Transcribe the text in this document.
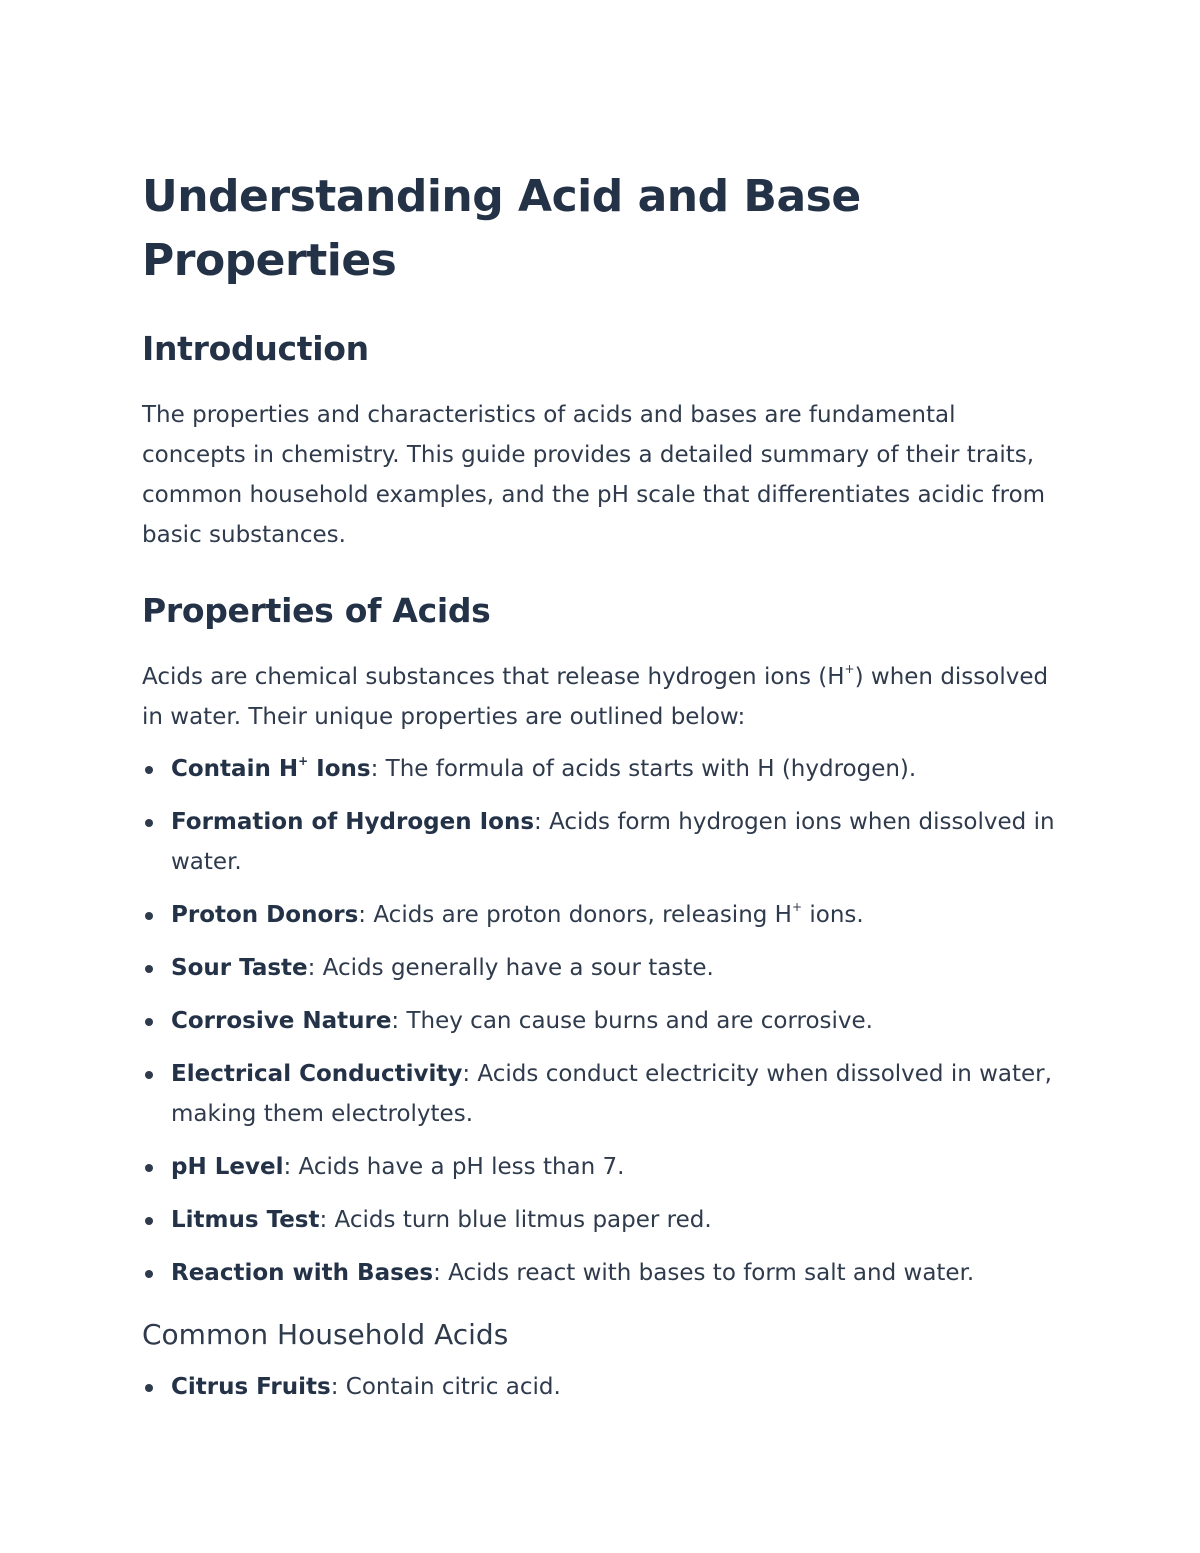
Understanding Acid and Base Properties
Introduction

The properties and characteristics of acids and bases are fundamental concepts in chemistry. This guide provides a detailed summary of their traits, common household examples, and the pH scale that differentiates acidic from basic substances.

Properties of Acids

Acids are chemical substances that release hydrogen ions (H+) when dissolved in water. Their unique properties are outlined below:

Contain H+ Ions: The formula of acids starts with H (hydrogen).
Formation of Hydrogen Ions: Acids form hydrogen ions when dissolved in water.
Proton Donors: Acids are proton donors, releasing H+ ions.
Sour Taste: Acids generally have a sour taste.
Corrosive Nature: They can cause burns and are corrosive.
Electrical Conductivity: Acids conduct electricity when dissolved in water, making them electrolytes.
pH Level: Acids have a pH less than 7.
Litmus Test: Acids turn blue litmus paper red.
Reaction with Bases: Acids react with bases to form salt and water.
Common Household Acids
Citrus Fruits: Contain citric acid.
